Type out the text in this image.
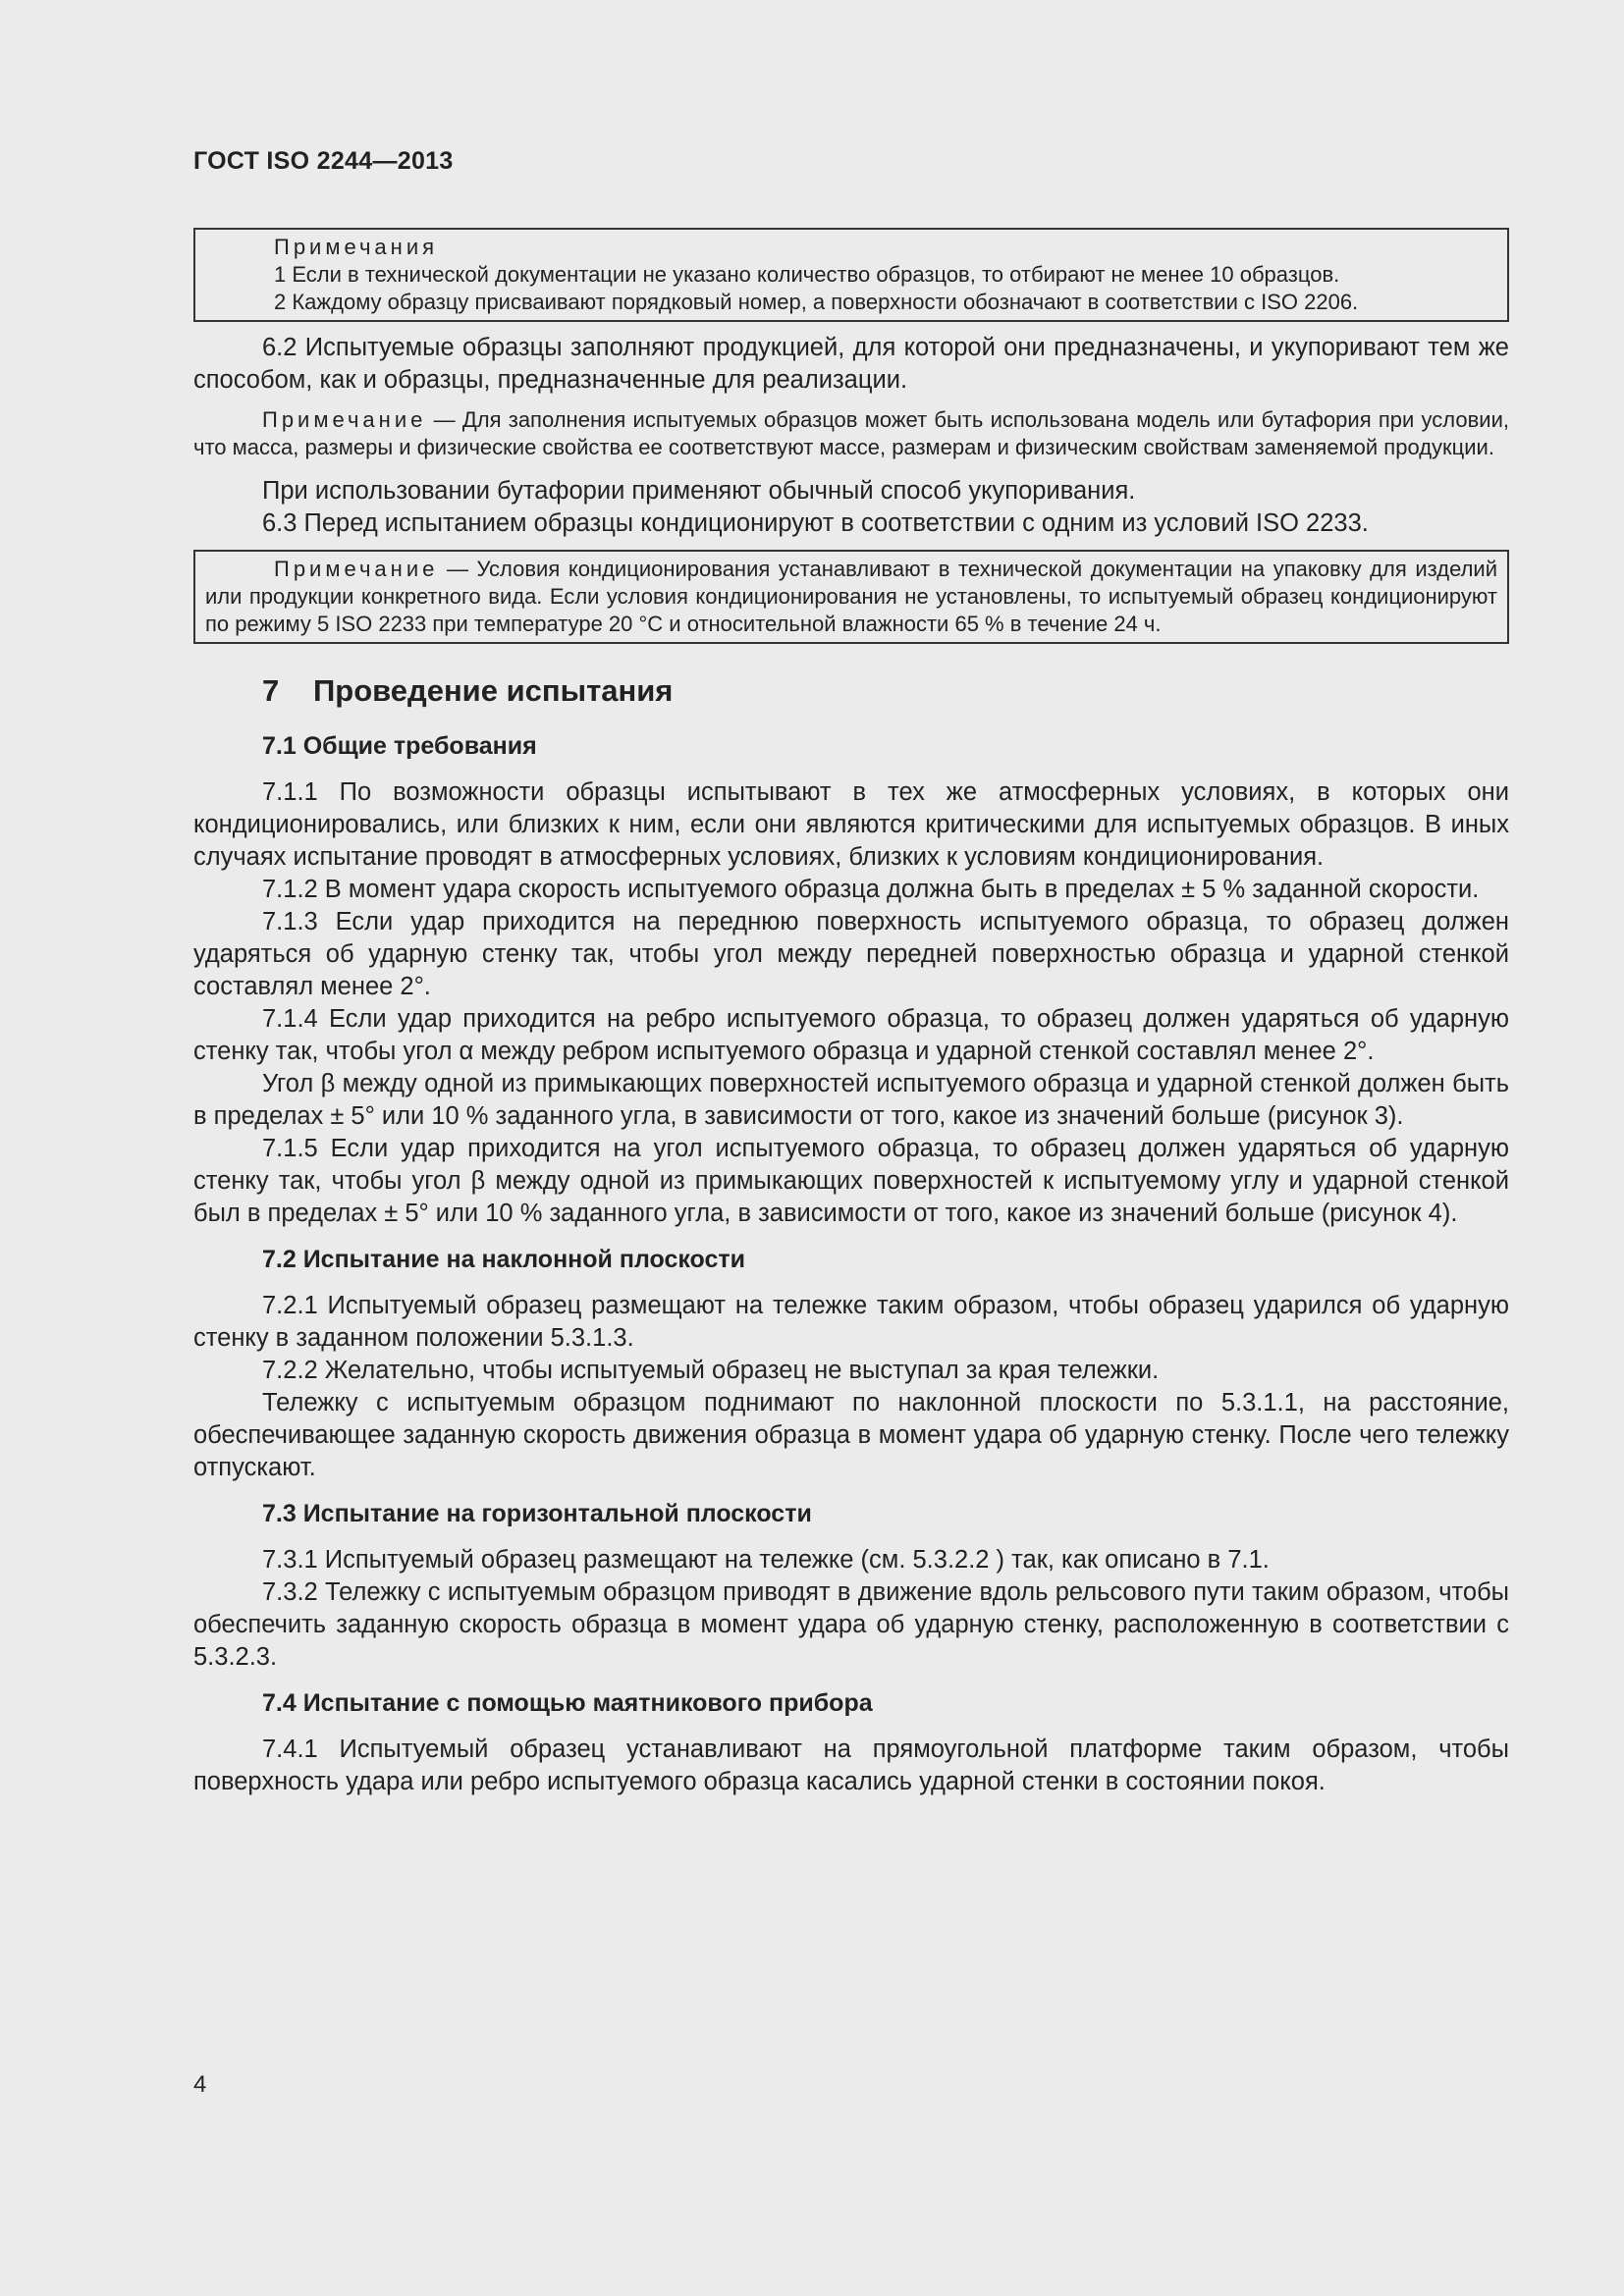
ГОСТ ISO 2244—2013

Примечания

1 Если в технической документации не указано количество образцов, то отбирают не менее 10 образцов.

2 Каждому образцу присваивают порядковый номер, а поверхности обозначают в соответствии с ISO 2206.

6.2 Испытуемые образцы заполняют продукцией, для которой они предназначены, и укупоривают тем же способом, как и образцы, предназначенные для реализации.

Примечание — Для заполнения испытуемых образцов может быть использована модель или бутафория при условии, что масса, размеры и физические свойства ее соответствуют массе, размерам и физическим свойствам заменяемой продукции.

При использовании бутафории применяют обычный способ укупоривания.

6.3 Перед испытанием образцы кондиционируют в соответствии с одним из условий ISO 2233.

Примечание — Условия кондиционирования устанавливают в технической документации на упаковку для изделий или продукции конкретного вида. Если условия кондиционирования не установлены, то испытуемый образец кондиционируют по режиму 5 ISO 2233 при температуре 20 °С и относительной влажности 65 % в течение 24 ч.

7 Проведение испытания
7.1 Общие требования

7.1.1 По возможности образцы испытывают в тех же атмосферных условиях, в которых они кондиционировались, или близких к ним, если они являются критическими для испытуемых образцов. В иных случаях испытание проводят в атмосферных условиях, близких к условиям кондиционирования.

7.1.2 В момент удара скорость испытуемого образца должна быть в пределах ± 5 % заданной скорости.

7.1.3 Если удар приходится на переднюю поверхность испытуемого образца, то образец должен ударяться об ударную стенку так, чтобы угол между передней поверхностью образца и ударной стенкой составлял менее 2°.

7.1.4 Если удар приходится на ребро испытуемого образца, то образец должен ударяться об ударную стенку так, чтобы угол α между ребром испытуемого образца и ударной стенкой составлял менее 2°.

Угол β между одной из примыкающих поверхностей испытуемого образца и ударной стенкой должен быть в пределах ± 5° или 10 % заданного угла, в зависимости от того, какое из значений больше (рисунок 3).

7.1.5 Если удар приходится на угол испытуемого образца, то образец должен ударяться об ударную стенку так, чтобы угол β между одной из примыкающих поверхностей к испытуемому углу и ударной стенкой был в пределах ± 5° или 10 % заданного угла, в зависимости от того, какое из значений больше (рисунок 4).

7.2 Испытание на наклонной плоскости

7.2.1 Испытуемый образец размещают на тележке таким образом, чтобы образец ударился об ударную стенку в заданном положении 5.3.1.3.

7.2.2 Желательно, чтобы испытуемый образец не выступал за края тележки.

Тележку с испытуемым образцом поднимают по наклонной плоскости по 5.3.1.1, на расстояние, обеспечивающее заданную скорость движения образца в момент удара об ударную стенку. После чего тележку отпускают.

7.3 Испытание на горизонтальной плоскости

7.3.1 Испытуемый образец размещают на тележке (см. 5.3.2.2 ) так, как описано в 7.1.

7.3.2 Тележку с испытуемым образцом приводят в движение вдоль рельсового пути таким образом, чтобы обеспечить заданную скорость образца в момент удара об ударную стенку, расположенную в соответствии с 5.3.2.3.

7.4 Испытание с помощью маятникового прибора

7.4.1 Испытуемый образец устанавливают на прямоугольной платформе таким образом, чтобы поверхность удара или ребро испытуемого образца касались ударной стенки в состоянии покоя.

4
